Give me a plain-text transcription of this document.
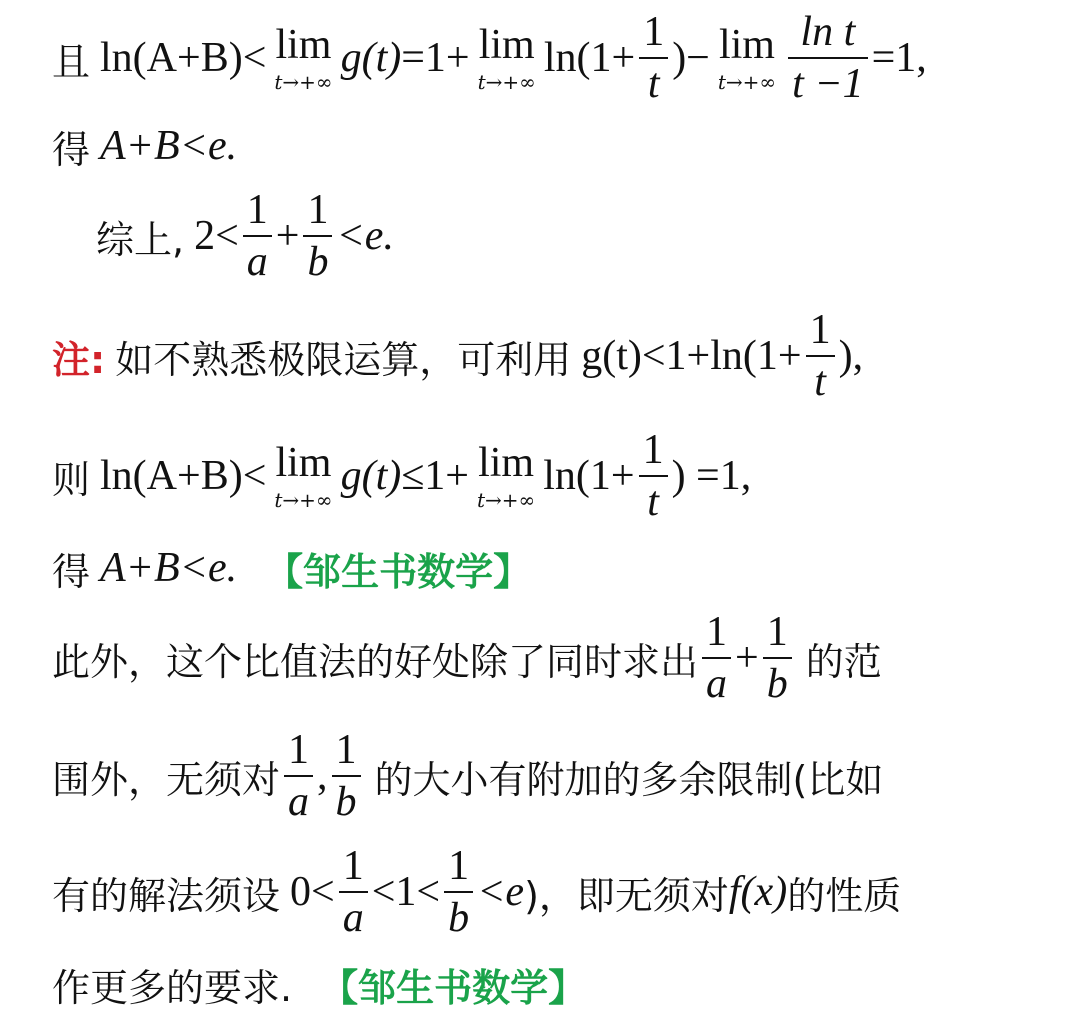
且 ln(A+B)< lim
t→+∞
g(t) =1+ lim
t→+∞
$\ln(1+ \frac{1}{t}$ )− lim
$t\to+\infty \frac{\text{ln t}}{t -1} =1$,
得 A+B<e.
综上, $2< \frac{1}{a} + \frac{1}{b} <e$.
注: 如不熟悉极限运算，可利用 $g(t)<1+\ln(1+ \frac{1}{t}$ ),
则 ln(A+B)< lim
t→+∞
g(t) ≤1+ lim
t→+∞
$\ln(1+ \frac{1}{t}$ ) =1,
得 A+B<e. 【邹生书数学】
此外，这个比值法的好处除了同时求出 $\frac{1}{a} + \frac{1}{b}$ 的范
围外，无须对 $\frac{1}{a}$ , $\frac{1}{b}$ 的大小有附加的多余限制(比如
有的解法须设 $0< \frac{1}{a} <1< \frac{1}{b} <e$ )，即无须对 f(x) 的性质
作更多的要求. 【邹生书数学】
